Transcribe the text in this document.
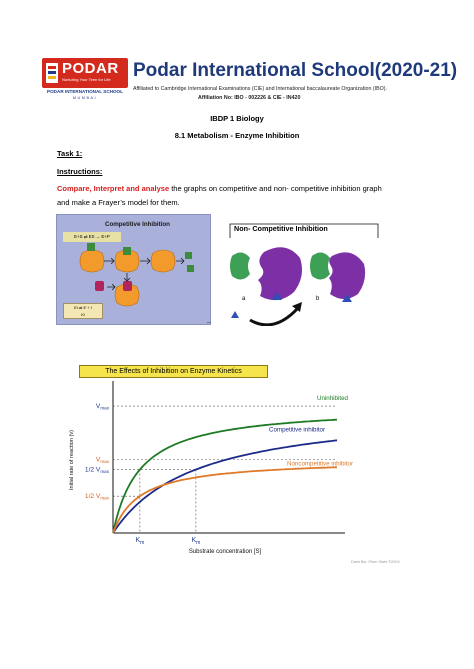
PODAR
Nurturing Your Teen for Life
PODAR INTERNATIONAL SCHOOL
MUMBAI
Podar International School(2020-21)
Affiliated to Cambridge International Examinations (CIE) and International baccalaureate Organization (IBO).
Affiliation No: IBO - 002226 & CIE - IN420
IBDP 1 Biology
8.1 Metabolism - Enzyme Inhibition
Task 1:
Instructions:
Compare, Interpret and analyse the graphs on competitive and non- competitive inhibition graph
and make a Frayer’s model for them.
Competitive Inhibition
E+S ⇌ ES → E+P
EI ⇌ E + I
Ki
Non- Competitive Inhibition
a	b
_
The Effects of Inhibition on Enzyme Kinetics
Uninhibited
Competitive inhibitor
Noncompetitive inhibitor
$V_{max}$
1/2 $V_{max}$
$V_{max}$
1/2 $V_{max}$
$K_m$	$K_m$
Substrate concentration [S]
Initial rate of reaction (v)
Dash Bio. Penn State ©2004
